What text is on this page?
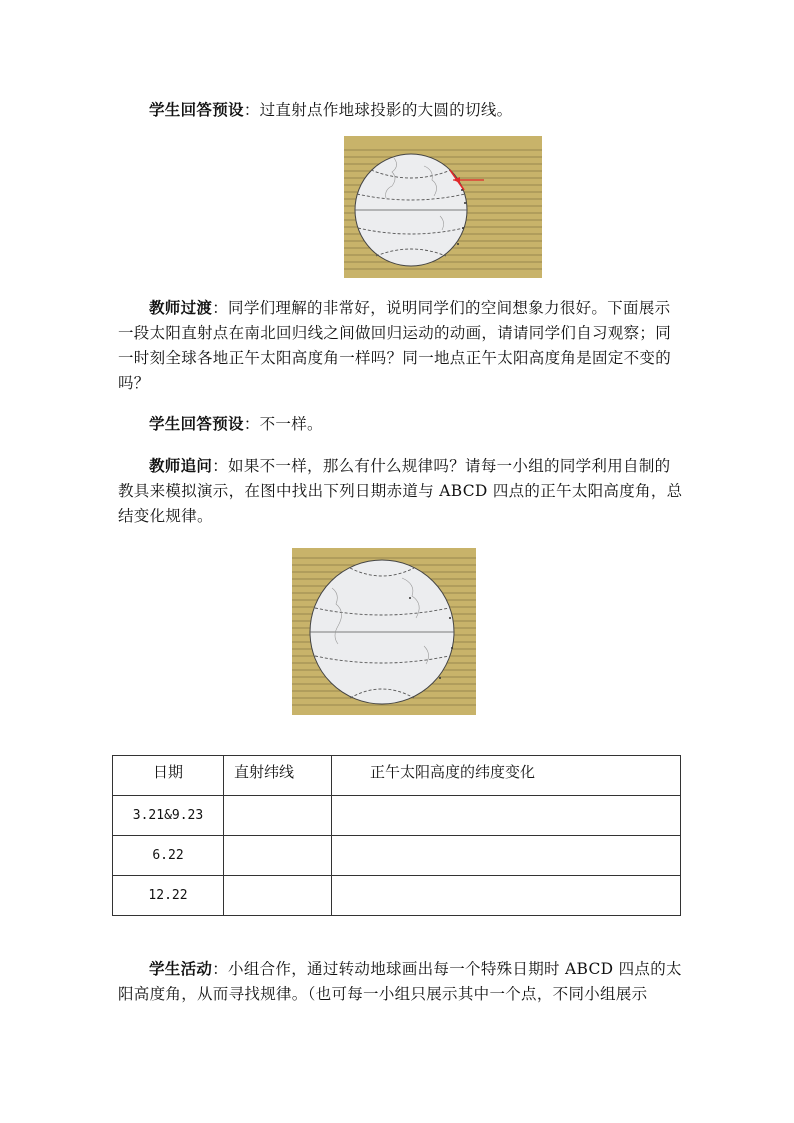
学生回答预设：过直射点作地球投影的大圆的切线。
教师过渡：同学们理解的非常好，说明同学们的空间想象力很好。下面展示一段太阳直射点在南北回归线之间做回归运动的动画，请请同学们自习观察；同一时刻全球各地正午太阳高度角一样吗？同一地点正午太阳高度角是固定不变的吗？
学生回答预设：不一样。
教师追问：如果不一样，那么有什么规律吗？请每一小组的同学利用自制的教具来模拟演示，在图中找出下列日期赤道与 ABCD 四点的正午太阳高度角，总结变化规律。
日期	直射纬线	正午太阳高度的纬度变化
3.21&9.23		
6.22		
12.22		
学生活动：小组合作，通过转动地球画出每一个特殊日期时 ABCD 四点的太阳高度角，从而寻找规律。（也可每一小组只展示其中一个点，不同小组展示
